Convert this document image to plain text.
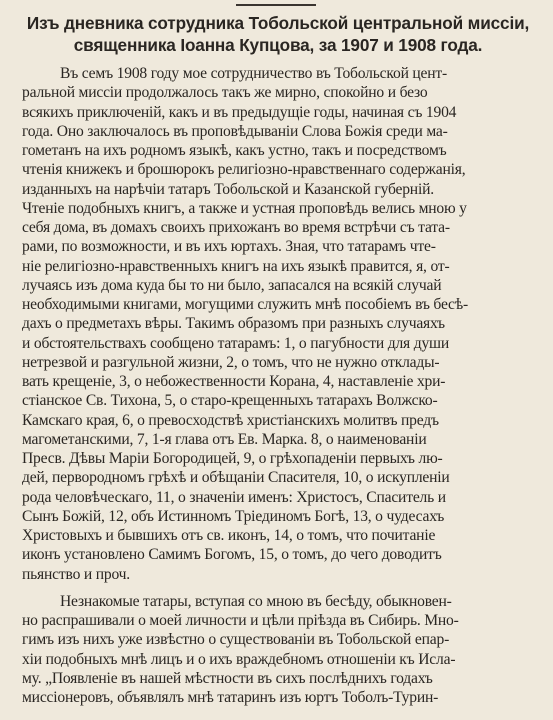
Изъ дневника сотрудника Тобольской центральной миссіи,
священника Іоанна Купцова, за 1907 и 1908 года.

Въ семъ 1908 году мое сотрудничество въ Тобольской цент-
ральной миссіи продолжалось такъ же мирно, спокойно и безо
всякихъ приключеній, какъ и въ предыдущіе годы, начиная съ 1904
года. Оно заключалось въ проповѣдываніи Слова Божія среди ма-
гометанъ на ихъ родномъ языкѣ, какъ устно, такъ и посредствомъ
чтенія книжекъ и брошюрокъ религіозно-нравственнаго содержанія,
изданныхъ на нарѣчіи татаръ Тобольской и Казанской губерній.
Чтеніе подобныхъ книгъ, а также и устная проповѣдь велись мною у
себя дома, въ домахъ своихъ прихожанъ во время встрѣчи съ тата-
рами, по возможности, и въ ихъ юртахъ. Зная, что татарамъ чте-
ніе религіозно-нравственныхъ книгъ на ихъ языкѣ правится, я, от-
лучаясь изъ дома куда бы то ни было, запасался на всякій случай
необходимыми книгами, могущими служить мнѣ пособіемъ въ бесѣ-
дахъ о предметахъ вѣры. Такимъ образомъ при разныхъ случаяхъ
и обстоятельствахъ сообщено татарамъ: 1, о пагубности для души
нетрезвой и разгульной жизни, 2, о томъ, что не нужно отклады-
вать крещеніе, 3, о небожественности Корана, 4, наставленіе хри-
стіанское Св. Тихона, 5, о старо-крещенныхъ татарахъ Волжско-
Камскаго края, 6, о превосходствѣ христіанскихъ молитвъ предъ
магометанскими, 7, 1-я глава отъ Ев. Марка. 8, о наименованіи
Пресв. Дѣвы Маріи Богородицей, 9, о грѣхопаденіи первыхъ лю-
дей, первородномъ грѣхѣ и обѣщаніи Спасителя, 10, о искупленіи
рода человѣческаго, 11, о значеніи именъ: Христосъ, Спаситель и
Сынъ Божій, 12, объ Истинномъ Тріединомъ Богѣ, 13, о чудесахъ
Христовыхъ и бывшихъ отъ св. иконъ, 14, о томъ, что почитаніе
иконъ установлено Самимъ Богомъ, 15, о томъ, до чего доводитъ
пьянство и проч.

Незнакомые татары, вступая со мною въ бесѣду, обыкновен-
но распрашивали о моей личности и цѣли пріѣзда въ Сибирь. Мно-
гимъ изъ нихъ уже извѣстно о существованіи въ Тобольской епар-
хіи подобныхъ мнѣ лицъ и о ихъ враждебномъ отношеніи къ Исла-
му. „Появленіе въ нашей мѣстности въ сихъ послѣднихъ годахъ
миссіонеровъ, объявлялъ мнѣ татаринъ изъ юртъ Тоболъ-Турин-
